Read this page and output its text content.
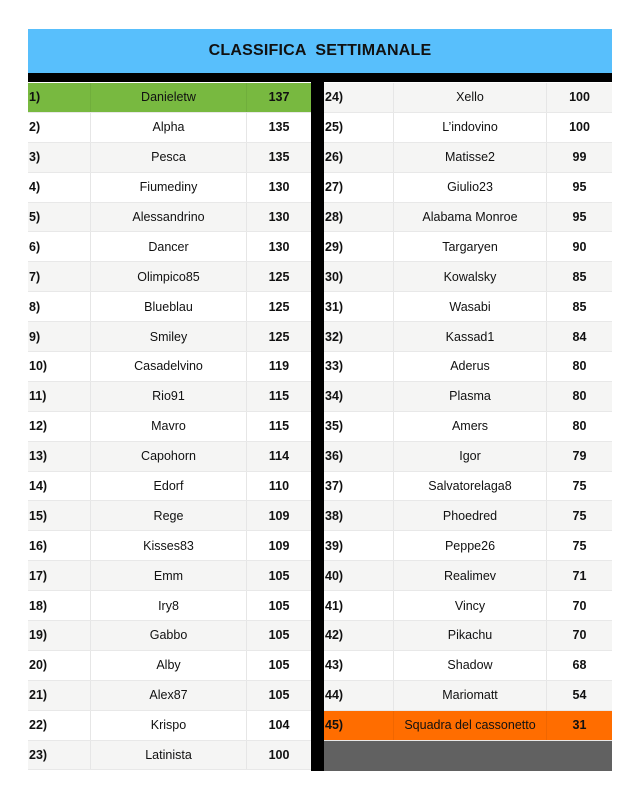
CLASSIFICA  SETTIMANALE
1)	Danieletw	137
2)	Alpha	135
3)	Pesca	135
4)	Fiumediny	130
5)	Alessandrino	130
6)	Dancer	130
7)	Olimpico85	125
8)	Blueblau	125
9)	Smiley	125
10)	Casadelvino	119
11)	Rio91	115
12)	Mavro	115
13)	Capohorn	114
14)	Edorf	110
15)	Rege	109
16)	Kisses83	109
17)	Emm	105
18)	Iry8	105
19)	Gabbo	105
20)	Alby	105
21)	Alex87	105
22)	Krispo	104
23)	Latinista	100
24)	Xello	100
25)	L’indovino	100
26)	Matisse2	99
27)	Giulio23	95
28)	Alabama Monroe	95
29)	Targaryen	90
30)	Kowalsky	85
31)	Wasabi	85
32)	Kassad1	84
33)	Aderus	80
34)	Plasma	80
35)	Amers	80
36)	Igor	79
37)	Salvatorelaga8	75
38)	Phoedred	75
39)	Peppe26	75
40)	Realimev	71
41)	Vincy	70
42)	Pikachu	70
43)	Shadow	68
44)	Mariomatt	54
45)	Squadra del cassonetto	31
